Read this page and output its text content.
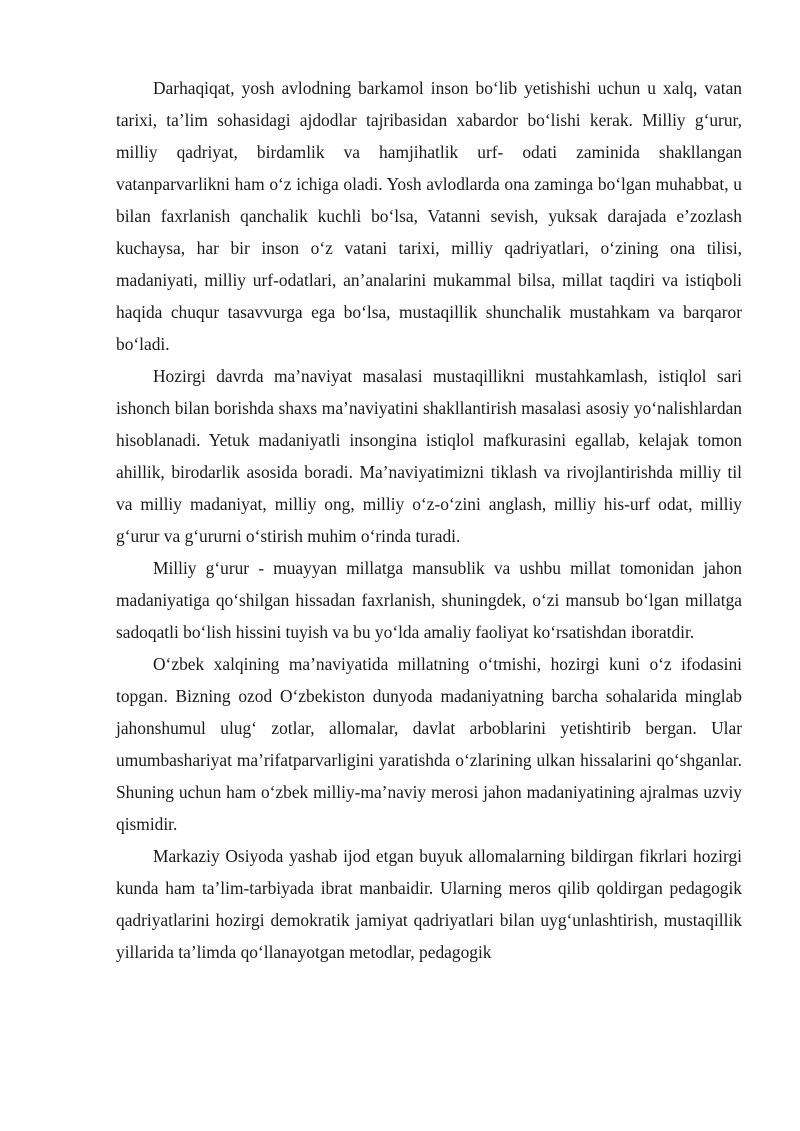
Darhaqiqat, yosh avlodning barkamol inson bo‘lib yetishishi uchun u xalq, vatan tarixi, ta’lim sohasidagi ajdodlar tajribasidan xabardor bo‘lishi kerak. Milliy g‘urur, milliy qadriyat, birdamlik va hamjihatlik urf- odati zaminida shakllangan vatanparvarlikni ham o‘z ichiga oladi. Yosh avlodlarda ona zaminga bo‘lgan muhabbat, u bilan faxrlanish qanchalik kuchli bo‘lsa, Vatanni sevish, yuksak darajada e’zozlash kuchaysa, har bir inson o‘z vatani tarixi, milliy qadriyatlari, o‘zining ona tilisi, madaniyati, milliy urf-odatlari, an’analarini mukammal bilsa, millat taqdiri va istiqboli haqida chuqur tasavvurga ega bo‘lsa, mustaqillik shunchalik mustahkam va barqaror bo‘ladi.

Hozirgi davrda ma’naviyat masalasi mustaqillikni mustahkamlash, istiqlol sari ishonch bilan borishda shaxs ma’naviyatini shakllantirish masalasi asosiy yo‘nalishlardan hisoblanadi. Yetuk madaniyatli insongina istiqlol mafkurasini egallab, kelajak tomon ahillik, birodarlik asosida boradi. Ma’naviyatimizni tiklash va rivojlantirishda milliy til va milliy madaniyat, milliy ong, milliy o‘z-o‘zini anglash, milliy his-urf odat, milliy g‘urur va g‘ururni o‘stirish muhim o‘rinda turadi.

Milliy g‘urur - muayyan millatga mansublik va ushbu millat tomonidan jahon madaniyatiga qo‘shilgan hissadan faxrlanish, shuningdek, o‘zi mansub bo‘lgan millatga sadoqatli bo‘lish hissini tuyish va bu yo‘lda amaliy faoliyat ko‘rsatishdan iboratdir.

O‘zbek xalqining ma’naviyatida millatning o‘tmishi, hozirgi kuni o‘z ifodasini topgan. Bizning ozod O‘zbekiston dunyoda madaniyatning barcha sohalarida minglab jahonshumul ulug‘ zotlar, allomalar, davlat arboblarini yetishtirib bergan. Ular umumbashariyat ma’rifatparvarligini yaratishda o‘zlarining ulkan hissalarini qo‘shganlar. Shuning uchun ham o‘zbek milliy-ma’naviy merosi jahon madaniyatining ajralmas uzviy qismidir.

Markaziy Osiyoda yashab ijod etgan buyuk allomalarning bildirgan fikrlari hozirgi kunda ham ta’lim-tarbiyada ibrat manbaidir. Ularning meros qilib qoldirgan pedagogik qadriyatlarini hozirgi demokratik jamiyat qadriyatlari bilan uyg‘unlashtirish, mustaqillik yillarida ta’limda qo‘llanayotgan metodlar, pedagogik
